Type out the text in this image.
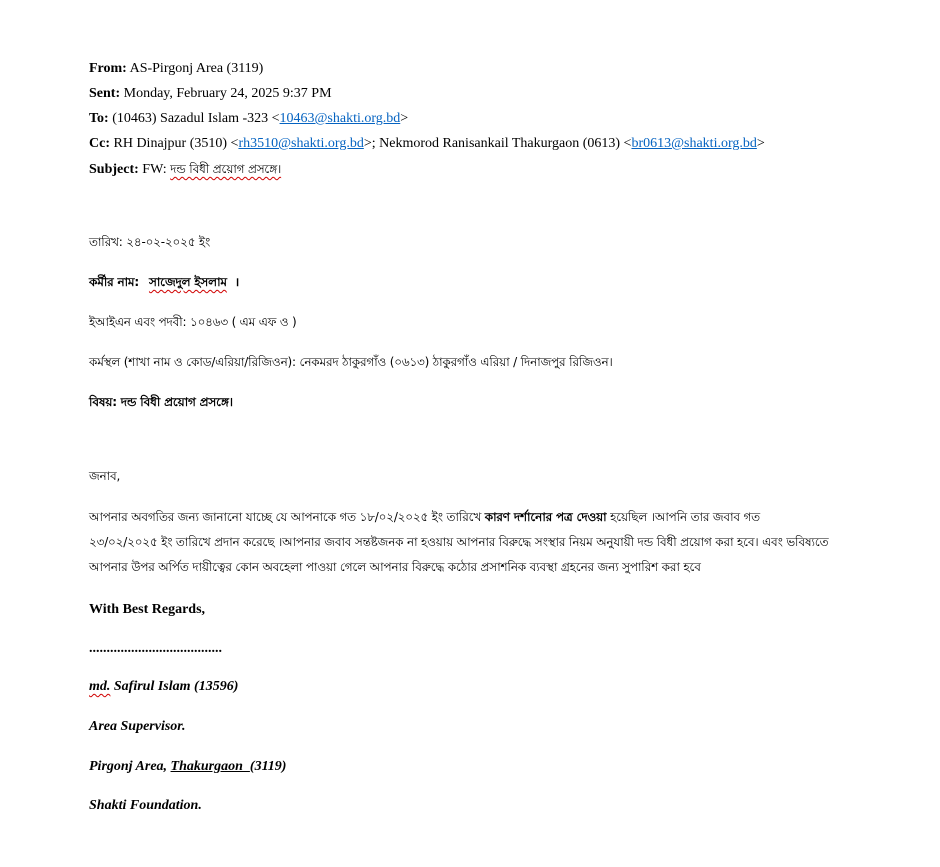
From: AS-Pirgonj Area (3119)
Sent: Monday, February 24, 2025 9:37 PM
To: (10463) Sazadul Islam -323 <10463@shakti.org.bd>
Cc: RH Dinajpur (3510) <rh3510@shakti.org.bd>; Nekmorod Ranisankail Thakurgaon (0613) <br0613@shakti.org.bd>
Subject: FW: দন্ড বিধী প্রয়োগ প্রসঙ্গে।
তারিখ: ২৪-০২-২০২৫ ইং
কর্মীর নাম: সাজেদুল ইসলাম ।
ইআইএন এবং পদবী: ১০৪৬৩ ( এম এফ ও )
কর্মস্থল (শাখা নাম ও কোড/এরিয়া/রিজিওন): নেকমরদ ঠাকুরগাঁও (০৬১৩) ঠাকুরগাঁও এরিয়া / দিনাজপুর রিজিওন।
বিষয়: দন্ড বিধী প্রয়োগ প্রসঙ্গে।
জনাব,
আপনার অবগতির জন্য জানানো যাচ্ছে যে আপনাকে গত ১৮/০২/২০২৫ ইং তারিখে কারণ দর্শানোর পত্র দেওয়া হয়েছিল ।আপনি তার জবাব গত ২৩/০২/২০২৫ ইং তারিখে প্রদান করেছে ।আপনার জবাব সন্তষ্টজনক না হওয়ায় আপনার বিরুদ্ধে সংস্থার নিয়ম অনুযায়ী দন্ড বিধী প্রয়োগ করা হবে। এবং ভবিষ্যতে আপনার উপর অর্পিত দায়ীত্বের কোন অবহেলা পাওয়া গেলে আপনার বিরুদ্ধে কঠোর প্রসাশনিক ব্যবস্থা গ্রহনের জন্য সুপারিশ করা হবে
With Best Regards,
......................................
md. Safirul Islam (13596)
Area Supervisor.
Pirgonj Area, Thakurgaon  (3119)
Shakti Foundation.
